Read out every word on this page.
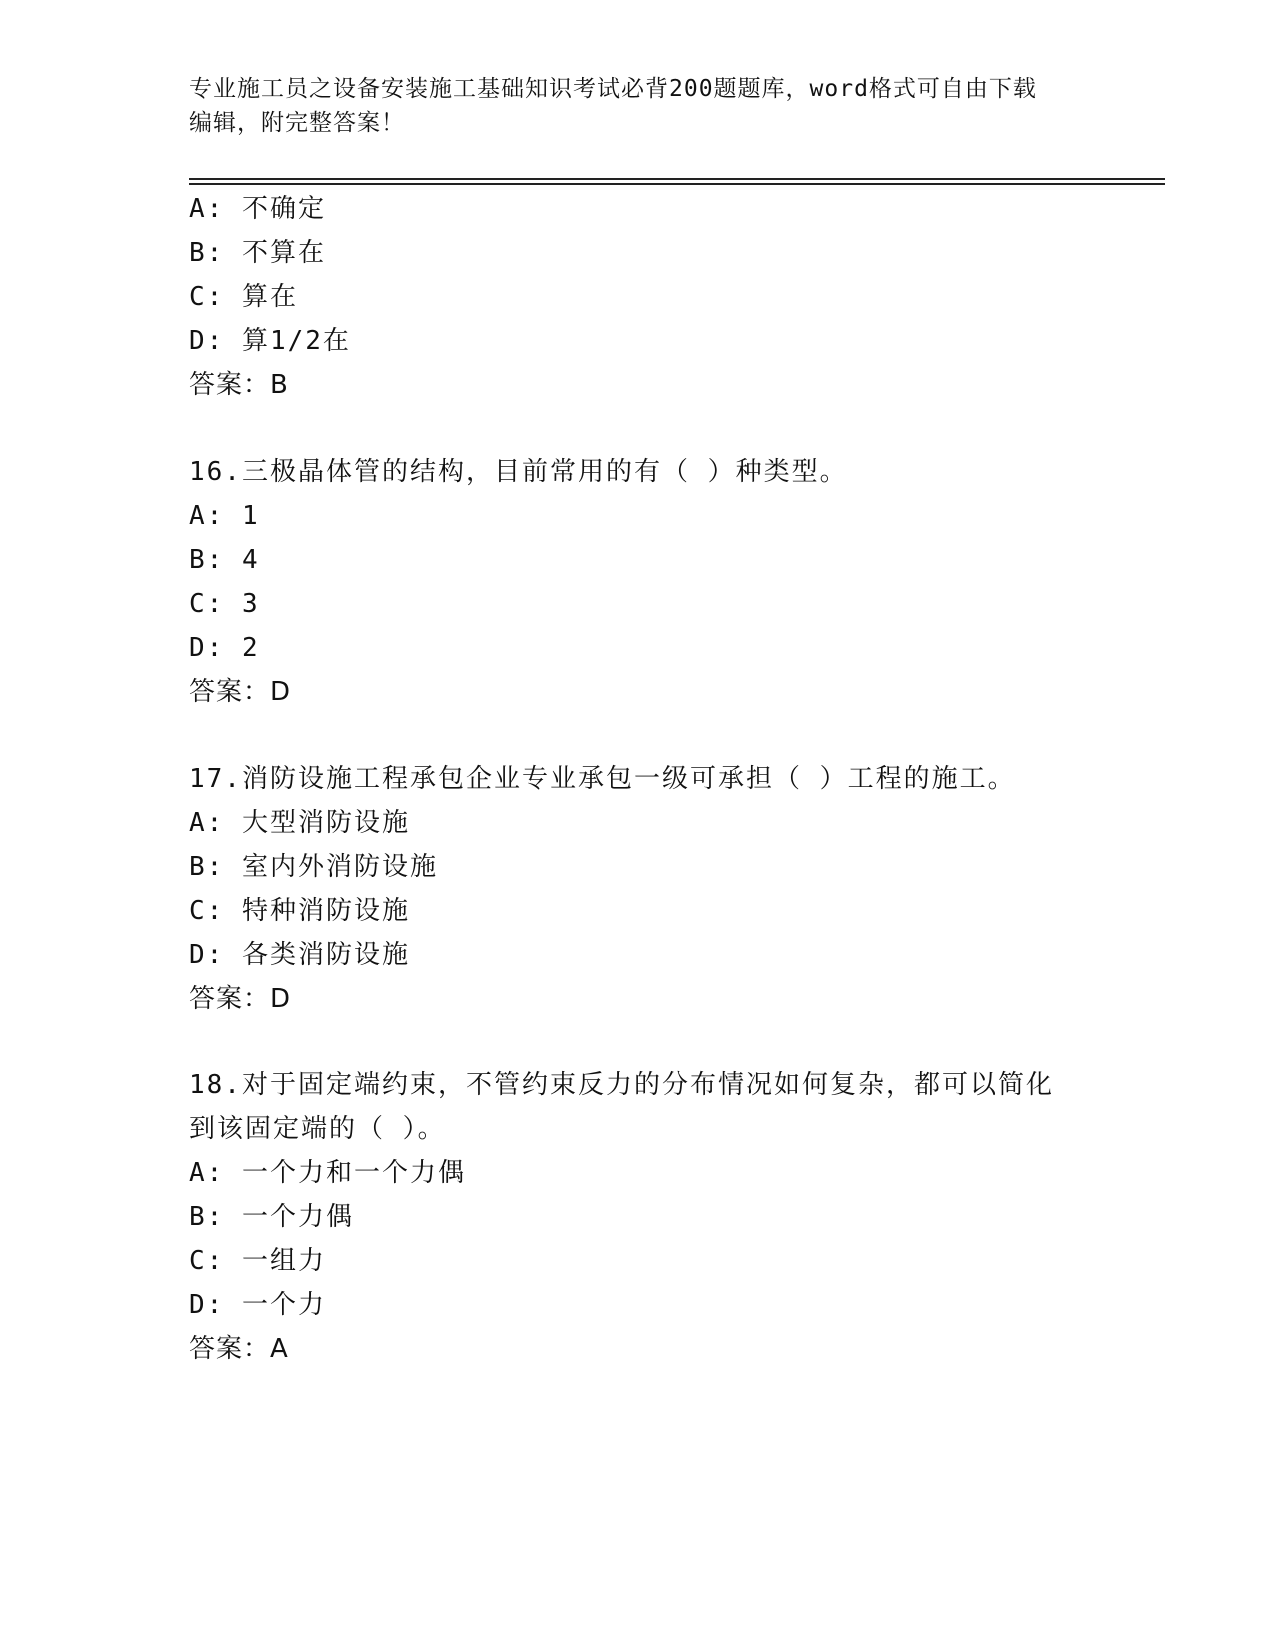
专业施工员之设备安装施工基础知识考试必背200题题库，word格式可自由下载
编辑，附完整答案！
A: 不确定
B: 不算在
C: 算在
D: 算1/2在
答案：B
16.三极晶体管的结构，目前常用的有（ ）种类型。
A: 1
B: 4
C: 3
D: 2
答案：D
17.消防设施工程承包企业专业承包一级可承担（ ）工程的施工。
A: 大型消防设施
B: 室内外消防设施
C: 特种消防设施
D: 各类消防设施
答案：D
18.对于固定端约束，不管约束反力的分布情况如何复杂，都可以简化
到该固定端的（ ）。
A: 一个力和一个力偶
B: 一个力偶
C: 一组力
D: 一个力
答案：A
